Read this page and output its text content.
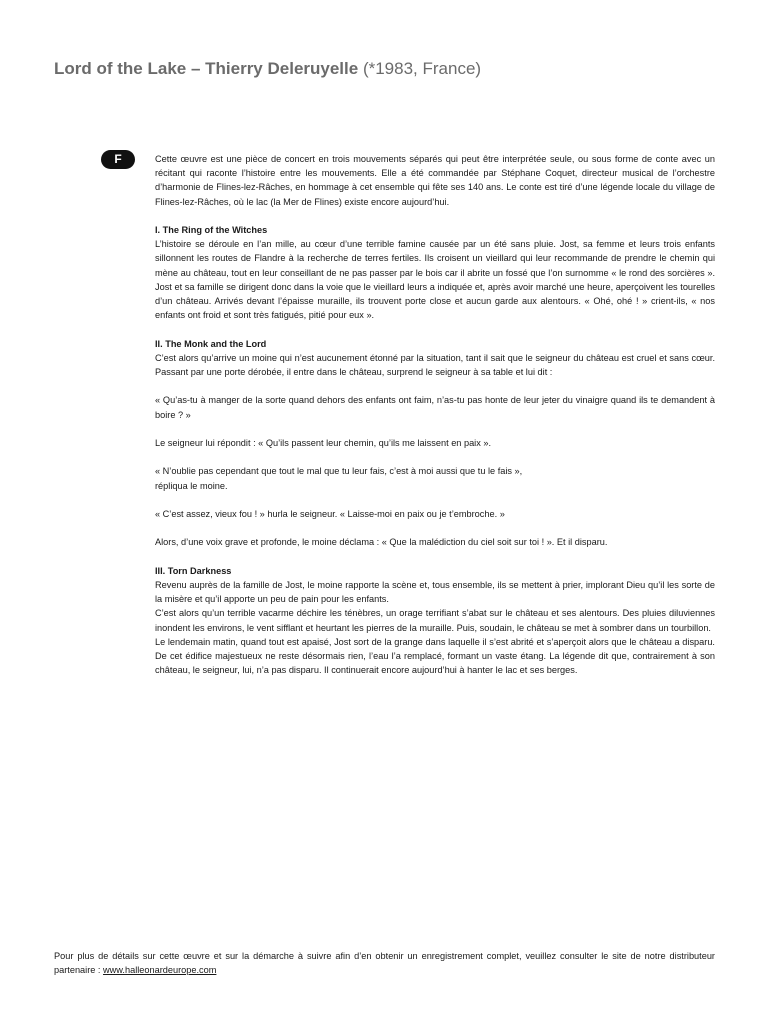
Lord of the Lake – Thierry Deleruyelle (*1983, France)
F	Cette œuvre est une pièce de concert en trois mouvements séparés qui peut être interprétée seule, ou sous forme de conte avec un récitant qui raconte l’histoire entre les mouvements. Elle a été commandée par Stéphane Coquet, directeur musical de l’orchestre d’harmonie de Flines-lez-Râches, en hommage à cet ensemble qui fête ses 140 ans. Le conte est tiré d’une légende locale du village de Flines-lez-Râches, où le lac (la Mer de Flines) existe encore aujourd’hui.

I. The Ring of the Witches

L’histoire se déroule en l’an mille, au cœur d’une terrible famine causée par un été sans pluie. Jost, sa femme et leurs trois enfants sillonnent les routes de Flandre à la recherche de terres fertiles. Ils croisent un vieillard qui leur recommande de prendre le chemin qui mène au château, tout en leur conseillant de ne pas passer par le bois car il abrite un fossé que l’on surnomme « le rond des sorcières ». Jost et sa famille se dirigent donc dans la voie que le vieillard leurs a indiquée et, après avoir marché une heure, aperçoivent les tourelles d’un château. Arrivés devant l’épaisse muraille, ils trouvent porte close et aucun garde aux alentours. « Ohé, ohé ! » crient-ils, « nos enfants ont froid et sont très fatigués, pitié pour eux ».

II. The Monk and the Lord

C’est alors qu’arrive un moine qui n’est aucunement étonné par la situation, tant il sait que le seigneur du château est cruel et sans cœur. Passant par une porte dérobée, il entre dans le château, surprend le seigneur à sa table et lui dit :

« Qu’as-tu à manger de la sorte quand dehors des enfants ont faim, n’as-tu pas honte de leur jeter du vinaigre quand ils te demandent à boire ? »

Le seigneur lui répondit : « Qu’ils passent leur chemin, qu’ils me laissent en paix ».

« N’oublie pas cependant que tout le mal que tu leur fais, c’est à moi aussi que tu le fais »,

répliqua le moine.

« C’est assez, vieux fou ! » hurla le seigneur. « Laisse-moi en paix ou je t’embroche. »

Alors, d’une voix grave et profonde, le moine déclama : « Que la malédiction du ciel soit sur toi ! ». Et il disparu.

III. Torn Darkness

Revenu auprès de la famille de Jost, le moine rapporte la scène et, tous ensemble, ils se mettent à prier, implorant Dieu qu’il les sorte de la misère et qu’il apporte un peu de pain pour les enfants.

C’est alors qu’un terrible vacarme déchire les ténèbres, un orage terrifiant s’abat sur le château et ses alentours. Des pluies diluviennes inondent les environs, le vent sifflant et heurtant les pierres de la muraille. Puis, soudain, le château se met à sombrer dans un tourbillon.

Le lendemain matin, quand tout est apaisé, Jost sort de la grange dans laquelle il s’est abrité et s’aperçoit alors que le château a disparu. De cet édifice majestueux ne reste désormais rien, l’eau l’a remplacé, formant un vaste étang. La légende dit que, contrairement à son château, le seigneur, lui, n’a pas disparu. Il continuerait encore aujourd’hui à hanter le lac et ses berges.

Pour plus de détails sur cette œuvre et sur la démarche à suivre afin d’en obtenir un enregistrement complet, veuillez consulter le site de notre distributeur partenaire : www.halleonardeurope.com
